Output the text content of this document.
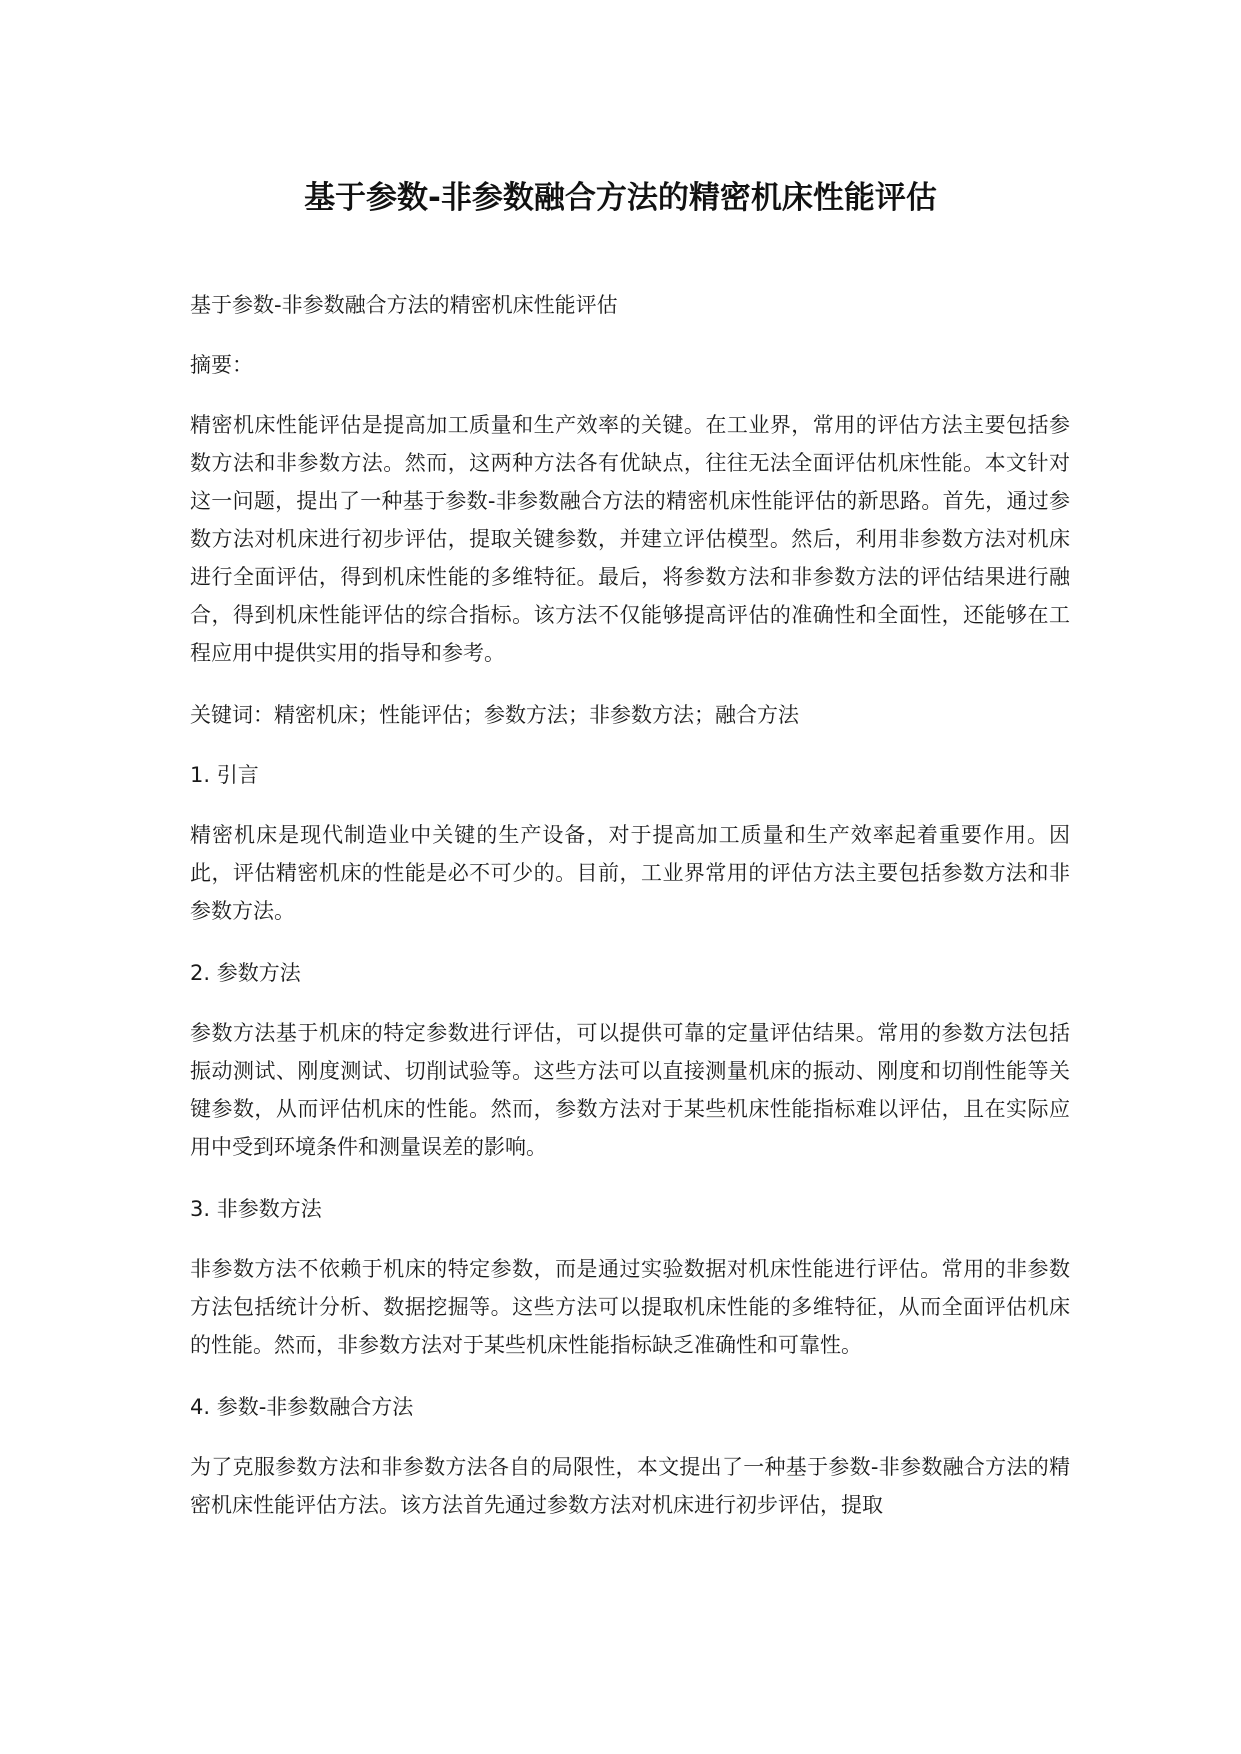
基于参数-非参数融合方法的精密机床性能评估

基于参数-非参数融合方法的精密机床性能评估

摘要：

精密机床性能评估是提高加工质量和生产效率的关键。在工业界，常用的评估方法主要包括参数方法和非参数方法。然而，这两种方法各有优缺点，往往无法全面评估机床性能。本文针对这一问题，提出了一种基于参数-非参数融合方法的精密机床性能评估的新思路。首先，通过参数方法对机床进行初步评估，提取关键参数，并建立评估模型。然后，利用非参数方法对机床进行全面评估，得到机床性能的多维特征。最后，将参数方法和非参数方法的评估结果进行融合，得到机床性能评估的综合指标。该方法不仅能够提高评估的准确性和全面性，还能够在工程应用中提供实用的指导和参考。

关键词：精密机床；性能评估；参数方法；非参数方法；融合方法

1. 引言

精密机床是现代制造业中关键的生产设备，对于提高加工质量和生产效率起着重要作用。因此，评估精密机床的性能是必不可少的。目前，工业界常用的评估方法主要包括参数方法和非参数方法。

2. 参数方法

参数方法基于机床的特定参数进行评估，可以提供可靠的定量评估结果。常用的参数方法包括振动测试、刚度测试、切削试验等。这些方法可以直接测量机床的振动、刚度和切削性能等关键参数，从而评估机床的性能。然而，参数方法对于某些机床性能指标难以评估，且在实际应用中受到环境条件和测量误差的影响。

3. 非参数方法

非参数方法不依赖于机床的特定参数，而是通过实验数据对机床性能进行评估。常用的非参数方法包括统计分析、数据挖掘等。这些方法可以提取机床性能的多维特征，从而全面评估机床的性能。然而，非参数方法对于某些机床性能指标缺乏准确性和可靠性。

4. 参数-非参数融合方法

为了克服参数方法和非参数方法各自的局限性，本文提出了一种基于参数-非参数融合方法的精密机床性能评估方法。该方法首先通过参数方法对机床进行初步评估，提取
